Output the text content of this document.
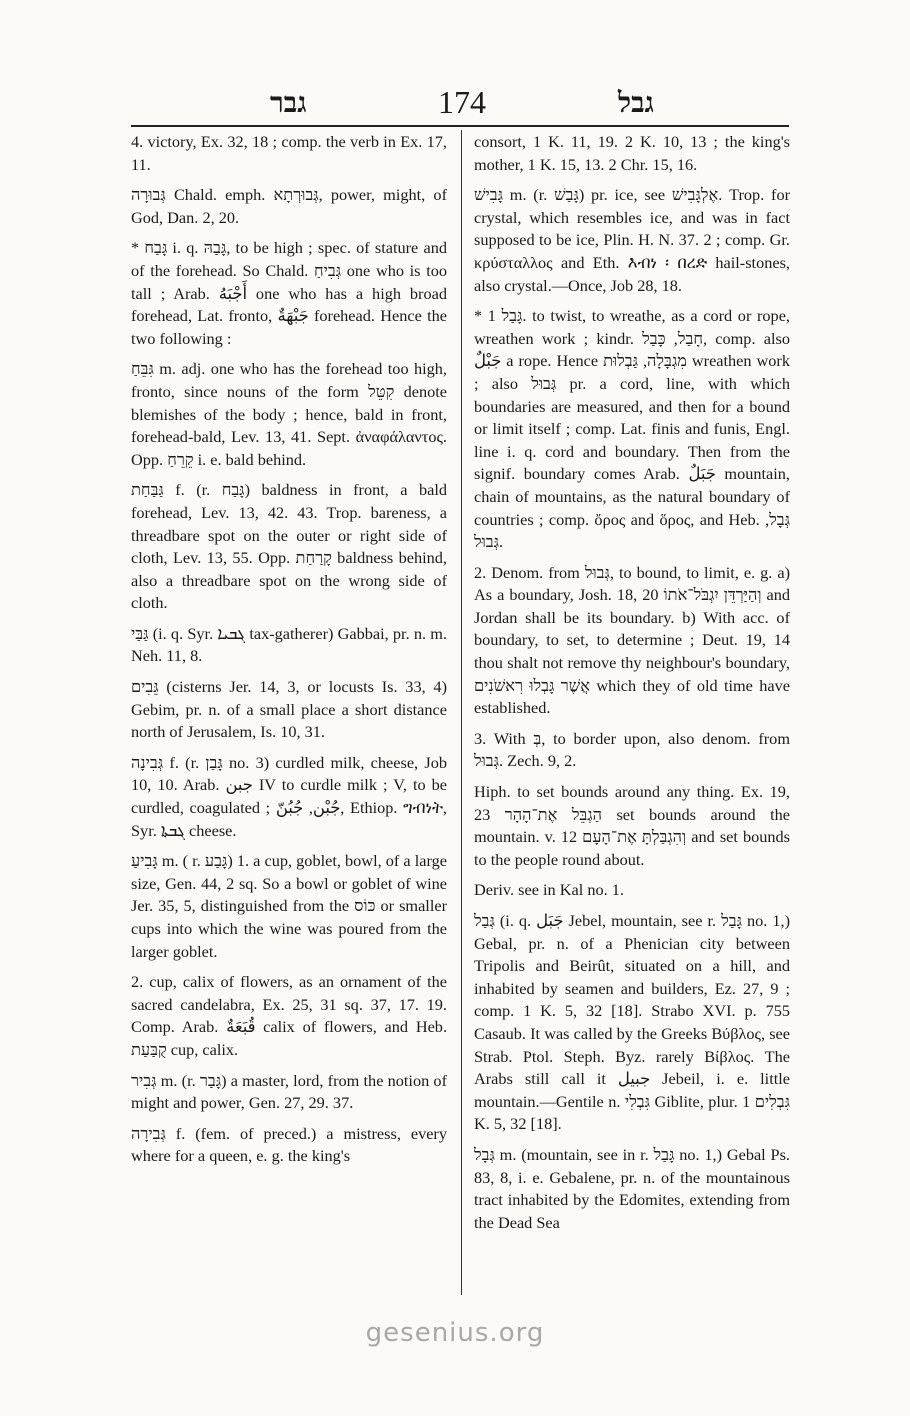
גבר	174	גבל

4. victory, Ex. 32, 18 ; comp. the verb in Ex. 17, 11.

גְּבוּרָה Chald. emph. גְּבוּרְתָא, power, might, of God, Dan. 2, 20.

* גָּבַח i. q. גָּבַהּ, to be high ; spec. of stature and of the forehead. So Chald. גְּבִיחַ one who is too tall ; Arab. أَجْبَهُ one who has a high broad forehead, Lat. fronto, جَبْهَةٌ forehead. Hence the two following :

גִּבֵּחַ m. adj. one who has the forehead too high, fronto, since nouns of the form קִטֵּל denote blemishes of the body ; hence, bald in front, forehead-bald, Lev. 13, 41. Sept. ἀναφάλαντος. Opp. קֵרֵחַ i. e. bald behind.

גַּבַּחַת f. (r. גָּבַח) baldness in front, a bald forehead, Lev. 13, 42. 43. Trop. bareness, a threadbare spot on the outer or right side of cloth, Lev. 13, 55. Opp. קָרַחַת baldness behind, also a threadbare spot on the wrong side of cloth.

גַּבַּי (i. q. Syr. ܓܒܝܐ tax-gatherer) Gabbai, pr. n. m. Neh. 11, 8.

גֵּבִים (cisterns Jer. 14, 3, or locusts Is. 33, 4) Gebim, pr. n. of a small place a short distance north of Jerusalem, Is. 10, 31.

גְּבִינָה f. (r. גָּבַן no. 3) curdled milk, cheese, Job 10, 10. Arab. جبن IV to curdle milk ; V, to be curdled, coagulated ; جُبْن, جُبُنّ, Ethiop. ግብነት, Syr. ܓܒܬܐ cheese.

גָּבִיעַ m. ( r. גָּבַע) 1. a cup, goblet, bowl, of a large size, Gen. 44, 2 sq. So a bowl or goblet of wine Jer. 35, 5, distinguished from the כּוֹס or smaller cups into which the wine was poured from the larger goblet.

2. cup, calix of flowers, as an ornament of the sacred candelabra, Ex. 25, 31 sq. 37, 17. 19. Comp. Arab. قُبَعَةٌ calix of flowers, and Heb. קֻבַּעַת cup, calix.

גְּבִיר m. (r. גָּבַר) a master, lord, from the notion of might and power, Gen. 27, 29. 37.

גְּבִירָה f. (fem. of preced.) a mistress, every where for a queen, e. g. the king's

consort, 1 K. 11, 19. 2 K. 10, 13 ; the king's mother, 1 K. 15, 13. 2 Chr. 15, 16.

גָּבִישׁ m. (r. גָּבַשׁ) pr. ice, see אֶלְגָּבִישׁ. Trop. for crystal, which resembles ice, and was in fact supposed to be ice, Plin. H. N. 37. 2 ; comp. Gr. κρύσταλλος and Eth. እብነ ፡ በረድ hail-stones, also crystal.—Once, Job 28, 18.

* גָּבַל 1. to twist, to wreathe, as a cord or rope, wreathen work ; kindr. חָבַל, כָּבַל, comp. also جَبْلٌ a rope. Hence מִגְבָּלָה, גַּבְלוּת wreathen work ; also גְּבוּל pr. a cord, line, with which boundaries are measured, and then for a bound or limit itself ; comp. Lat. finis and funis, Engl. line i. q. cord and boundary. Then from the signif. boundary comes Arab. جَبَلٌ mountain, chain of mountains, as the natural boundary of countries ; comp. ὄρος and ὅρος, and Heb. גְּבָל, גְּבוּל.

2. Denom. from גְּבוּל, to bound, to limit, e. g. a) As a boundary, Josh. 18, 20 וְהַיַּרְדֵּן יִגְבֹּל־אֹתוֹ and Jordan shall be its boundary. b) With acc. of boundary, to set, to determine ; Deut. 19, 14 thou shalt not remove thy neighbour's boundary, אֲשֶׁר גָּבְלוּ רִאשֹׁנִים which they of old time have established.

3. With בְּ, to border upon, also denom. from גְּבוּל. Zech. 9, 2.

Hiph. to set bounds around any thing. Ex. 19, 23 הַגְבֵּל אֶת־הָהָר set bounds around the mountain. v. 12 וְהִגְבַּלְתָּ אֶת־הָעָם and set bounds to the people round about.

Deriv. see in Kal no. 1.

גְּבַל (i. q. جَبَل Jebel, mountain, see r. גָּבַל no. 1,) Gebal, pr. n. of a Phenician city between Tripolis and Beirût, situated on a hill, and inhabited by seamen and builders, Ez. 27, 9 ; comp. 1 K. 5, 32 [18]. Strabo XVI. p. 755 Casaub. It was called by the Greeks Βύβλος, see Strab. Ptol. Steph. Byz. rarely Βίβλος. The Arabs still call it جبيل Jebeil, i. e. little mountain.—Gentile n. גִּבְלִי Giblite, plur. גִּבְלִים 1 K. 5, 32 [18].

גְּבָל m. (mountain, see in r. גָּבַל no. 1,) Gebal Ps. 83, 8, i. e. Gebalene, pr. n. of the mountainous tract inhabited by the Edomites, extending from the Dead Sea

gesenius.org
